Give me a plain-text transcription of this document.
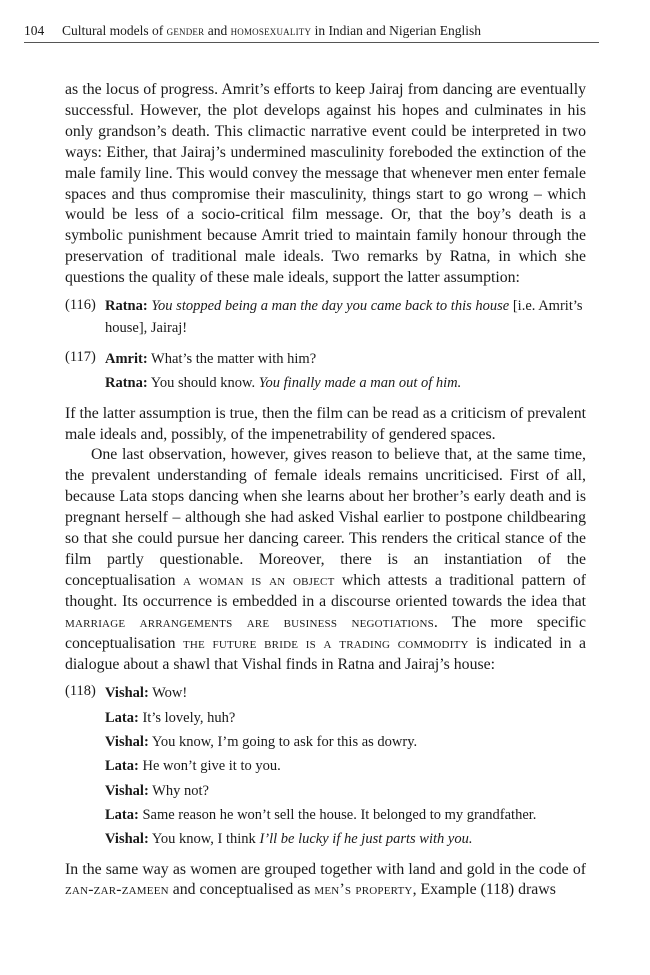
104 Cultural models of gender and homosexuality in Indian and Nigerian English

as the locus of progress. Amrit’s efforts to keep Jairaj from dancing are eventually successful. However, the plot develops against his hopes and culminates in his only grandson’s death. This climactic narrative event could be interpreted in two ways: Either, that Jairaj’s undermined masculinity foreboded the extinction of the male family line. This would convey the message that whenever men enter female spaces and thus compromise their masculinity, things start to go wrong – which would be less of a socio-critical film message. Or, that the boy’s death is a symbolic punishment because Amrit tried to maintain family honour through the preservation of traditional male ideals. Two remarks by Ratna, in which she questions the quality of these male ideals, support the latter assumption:

(116) Ratna: You stopped being a man the day you came back to this house [i.e. Amrit’s house], Jairaj!
(117) Amrit: What’s the matter with him?
Ratna: You should know. You finally made a man out of him.

If the latter assumption is true, then the film can be read as a criticism of prevalent male ideals and, possibly, of the impenetrability of gendered spaces.

One last observation, however, gives reason to believe that, at the same time, the prevalent understanding of female ideals remains uncriticised. First of all, because Lata stops dancing when she learns about her brother’s early death and is pregnant herself – although she had asked Vishal earlier to postpone childbearing so that she could pursue her dancing career. This renders the critical stance of the film partly questionable. Moreover, there is an instantiation of the conceptualisation a woman is an object which attests a traditional pattern of thought. Its occurrence is embedded in a discourse oriented towards the idea that marriage arrangements are business negotiations. The more specific conceptualisation the future bride is a trading commodity is indicated in a dialogue about a shawl that Vishal finds in Ratna and Jairaj’s house:

(118) Vishal: Wow!
Lata: It’s lovely, huh?
Vishal: You know, I’m going to ask for this as dowry.
Lata: He won’t give it to you.
Vishal: Why not?
Lata: Same reason he won’t sell the house. It belonged to my grandfather.
Vishal: You know, I think I’ll be lucky if he just parts with you.

In the same way as women are grouped together with land and gold in the code of zan-zar-zameen and conceptualised as men’s property, Example (118) draws
